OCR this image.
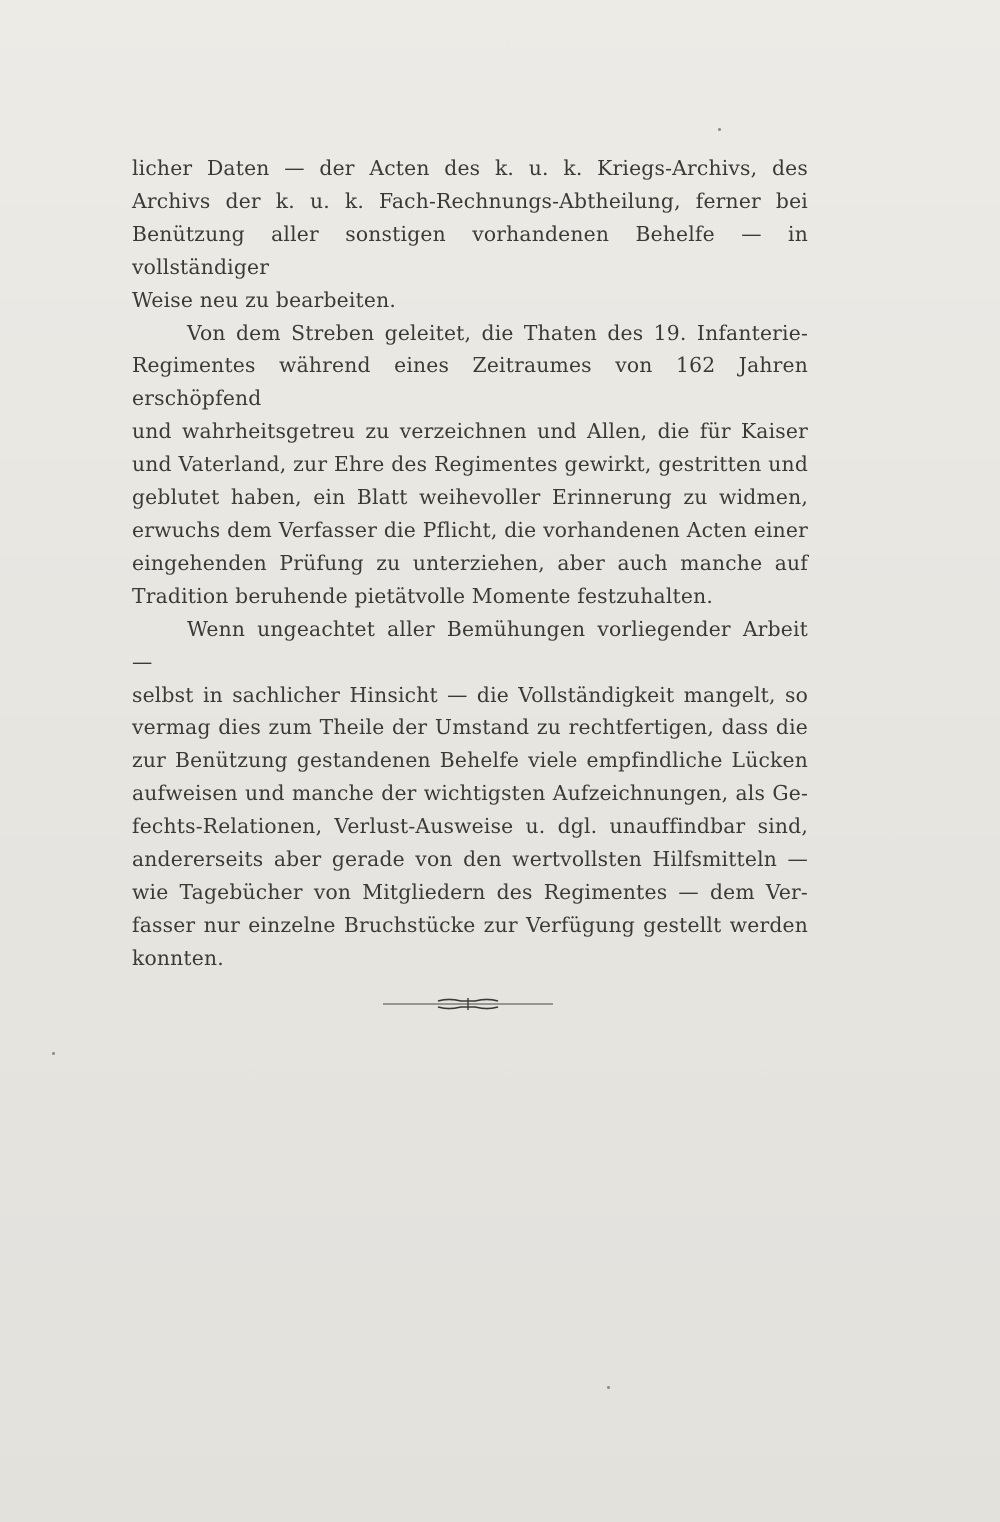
licher Daten — der Acten des k. u. k. Kriegs-Archivs, des
Archivs der k. u. k. Fach-Rechnungs-Abtheilung, ferner bei
Benützung aller sonstigen vorhandenen Behelfe — in vollständiger
Weise neu zu bearbeiten.

Von dem Streben geleitet, die Thaten des 19. Infanterie-
Regimentes während eines Zeitraumes von 162 Jahren erschöpfend
und wahrheitsgetreu zu verzeichnen und Allen, die für Kaiser
und Vaterland, zur Ehre des Regimentes gewirkt, gestritten und
geblutet haben, ein Blatt weihevoller Erinnerung zu widmen,
erwuchs dem Verfasser die Pflicht, die vorhandenen Acten einer
eingehenden Prüfung zu unterziehen, aber auch manche auf
Tradition beruhende pietätvolle Momente festzuhalten.

Wenn ungeachtet aller Bemühungen vorliegender Arbeit —
selbst in sachlicher Hinsicht — die Vollständigkeit mangelt, so
vermag dies zum Theile der Umstand zu rechtfertigen, dass die
zur Benützung gestandenen Behelfe viele empfindliche Lücken
aufweisen und manche der wichtigsten Aufzeichnungen, als Ge-
fechts-Relationen, Verlust-Ausweise u. dgl. unauffindbar sind,
andererseits aber gerade von den wertvollsten Hilfsmitteln —
wie Tagebücher von Mitgliedern des Regimentes — dem Ver-
fasser nur einzelne Bruchstücke zur Verfügung gestellt werden
konnten.
